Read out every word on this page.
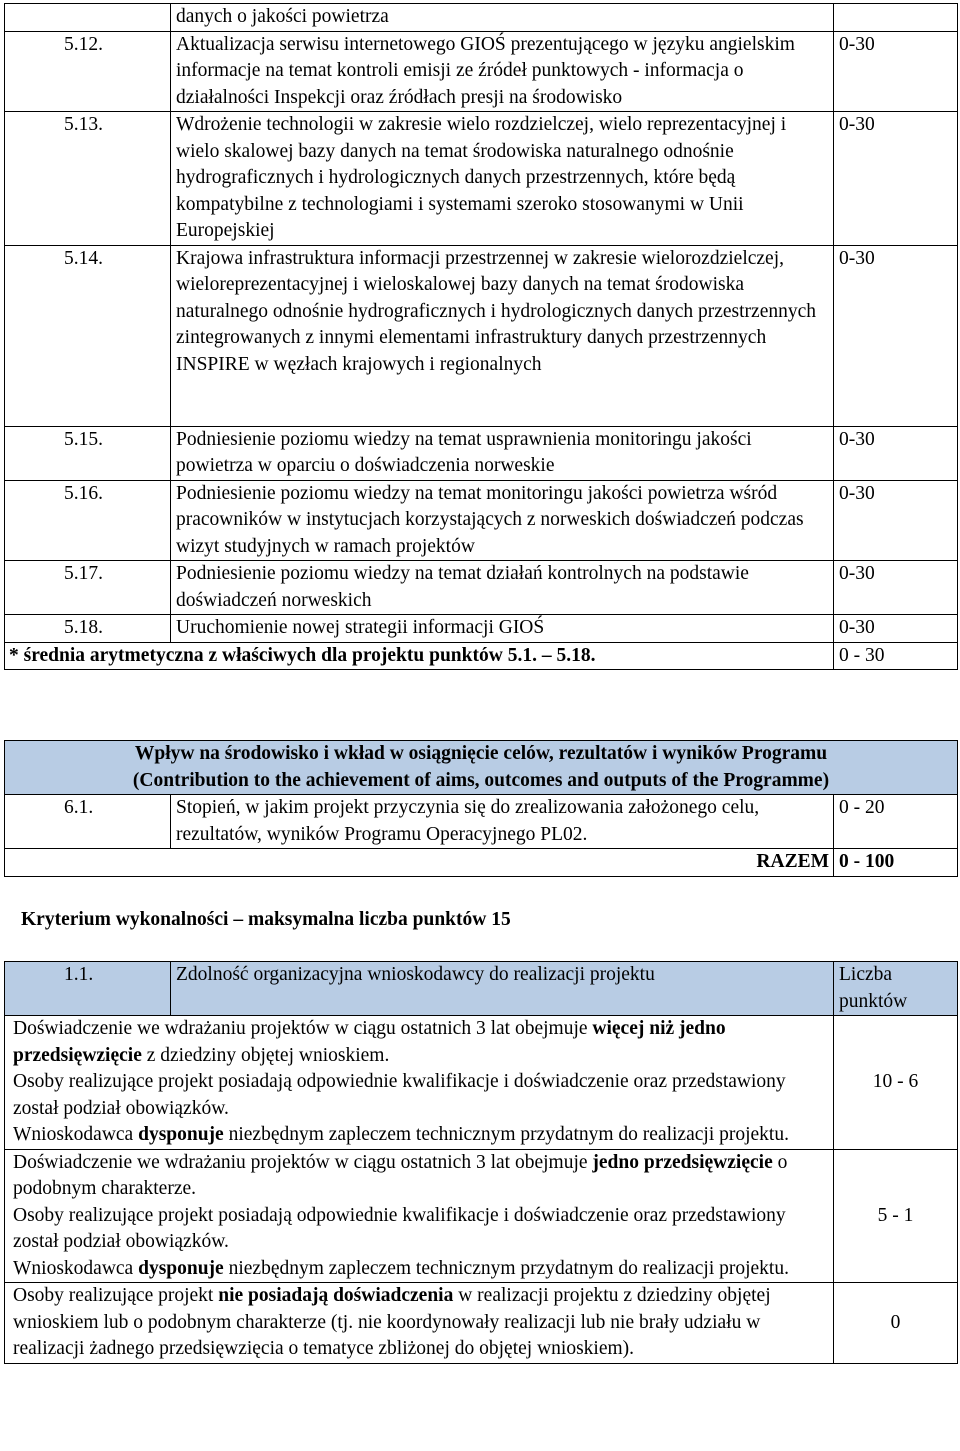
	danych o jakości powietrza	
5.12.	Aktualizacja serwisu internetowego GIOŚ prezentującego w języku angielskim informacje na temat kontroli emisji ze źródeł punktowych - informacja o działalności Inspekcji oraz źródłach presji na środowisko	0-30
5.13.	Wdrożenie technologii w zakresie wielo rozdzielczej, wielo reprezentacyjnej i wielo skalowej bazy danych na temat środowiska naturalnego odnośnie hydrograficznych i hydrologicznych danych przestrzennych, które będą kompatybilne z technologiami i systemami szeroko stosowanymi w Unii Europejskiej	0-30
5.14.	Krajowa infrastruktura informacji przestrzennej w zakresie wielorozdzielczej, wieloreprezentacyjnej i wieloskalowej bazy danych na temat środowiska naturalnego odnośnie hydrograficznych i hydrologicznych danych przestrzennych zintegrowanych z innymi elementami infrastruktury danych przestrzennych INSPIRE w węzłach krajowych i regionalnych	0-30
5.15.	Podniesienie poziomu wiedzy na temat usprawnienia monitoringu jakości powietrza w oparciu o doświadczenia norweskie	0-30
5.16.	Podniesienie poziomu wiedzy na temat monitoringu jakości powietrza wśród pracowników w instytucjach korzystających z norweskich doświadczeń podczas wizyt studyjnych w ramach projektów	0-30
5.17.	Podniesienie poziomu wiedzy na temat działań kontrolnych na podstawie doświadczeń norweskich	0-30
5.18.	Uruchomienie nowej strategii informacji GIOŚ	0-30
* średnia arytmetyczna z właściwych dla projektu punktów 5.1. – 5.18.		0 - 30
Wpływ na środowisko i wkład w osiągnięcie celów, rezultatów i wyników Programu
(Contribution to the achievement of aims, outcomes and outputs of the Programme)		

6.1.	Stopień, w jakim projekt przyczynia się do zrealizowania założonego celu, rezultatów, wyników Programu Operacyjnego PL02.	0 - 20
RAZEM		0 - 100
Kryterium wykonalności – maksymalna liczba punktów 15
1.1.	Zdolność organizacyjna wnioskodawcy do realizacji projektu	Liczba punktów

Doświadczenie we wdrażaniu projektów w ciągu ostatnich 3 lat obejmuje więcej niż jedno przedsięwzięcie z dziedziny objętej wnioskiem.
Osoby realizujące projekt posiadają odpowiednie kwalifikacje i doświadczenie oraz przedstawiony został podział obowiązków.
Wnioskodawca dysponuje niezbędnym zapleczem technicznym przydatnym do realizacji projektu.		10 - 6

Doświadczenie we wdrażaniu projektów w ciągu ostatnich 3 lat obejmuje jedno przedsięwzięcie o podobnym charakterze.
Osoby realizujące projekt posiadają odpowiednie kwalifikacje i doświadczenie oraz przedstawiony został podział obowiązków.
Wnioskodawca dysponuje niezbędnym zapleczem technicznym przydatnym do realizacji projektu.		5 - 1

Osoby realizujące projekt nie posiadają doświadczenia w realizacji projektu z dziedziny objętej wnioskiem lub o podobnym charakterze (tj. nie koordynowały realizacji lub nie brały udziału w realizacji żadnego przedsięwzięcia o tematyce zbliżonej do objętej wnioskiem).		0
